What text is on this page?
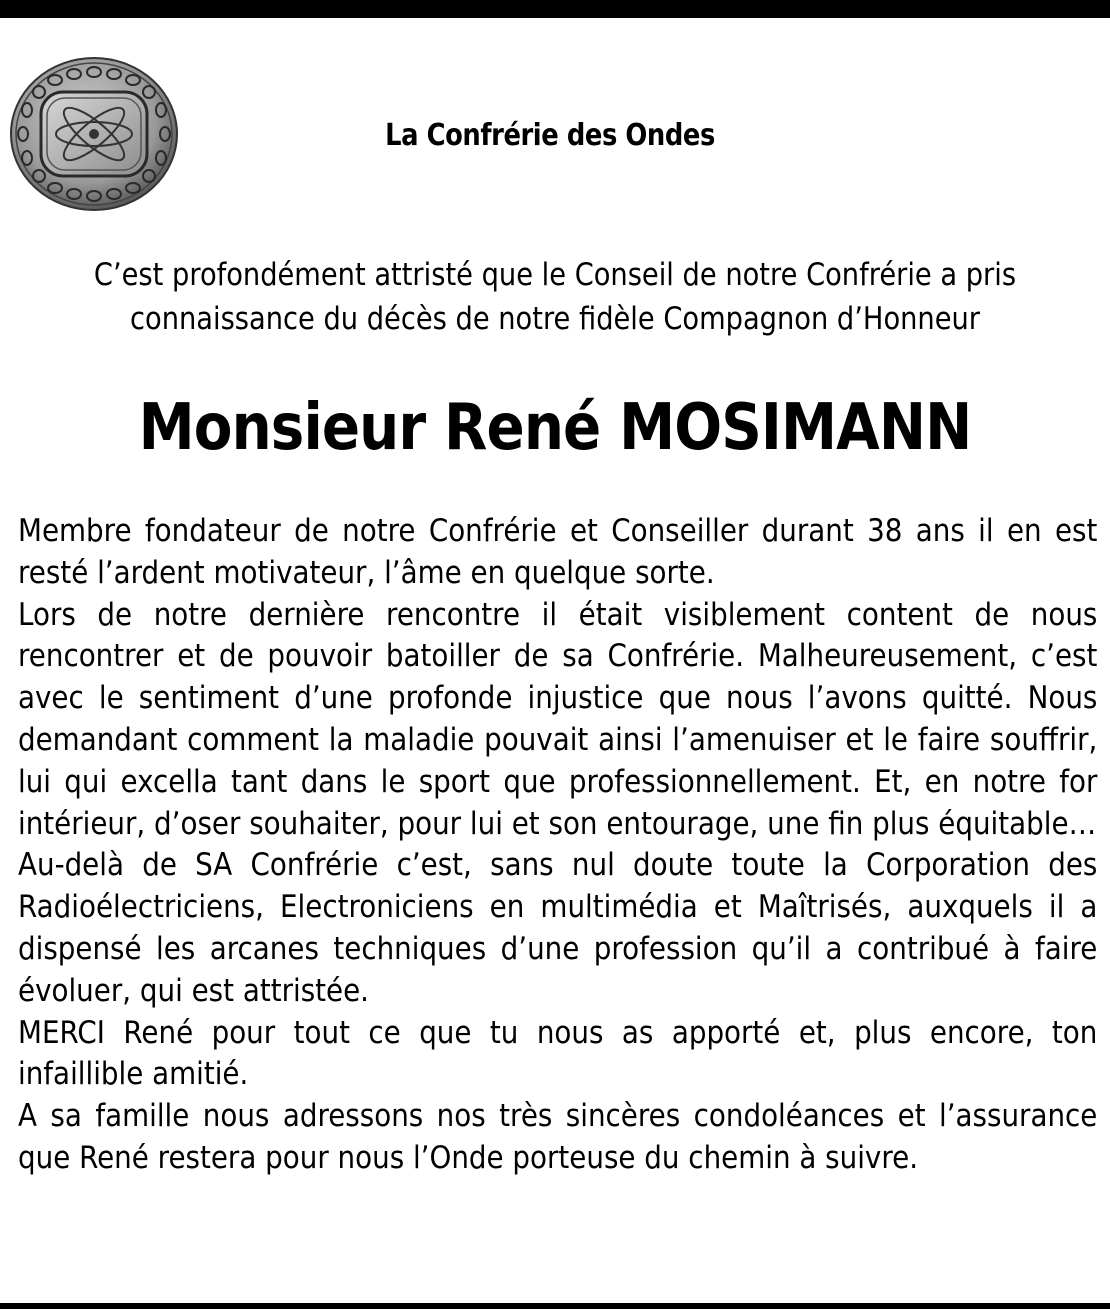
La Confrérie des Ondes
C’est profondément attristé que le Conseil de notre Confrérie a pris connaissance du décès de notre fidèle Compagnon d’Honneur
Monsieur René MOSIMANN

Membre fondateur de notre Confrérie et Conseiller durant 38 ans il en est resté l’ardent motivateur, l’âme en quelque sorte.

Lors de notre dernière rencontre il était visiblement content de nous rencontrer et de pouvoir batoiller de sa Confrérie. Malheureusement, c’est avec le sentiment d’une profonde injustice que nous l’avons quitté. Nous demandant comment la maladie pouvait ainsi l’amenuiser et le faire souffrir, lui qui excella tant dans le sport que professionnellement. Et, en notre for intérieur, d’oser souhaiter, pour lui et son entourage, une fin plus équitable…

Au-delà de SA Confrérie c’est, sans nul doute toute la Corporation des Radioélectriciens, Electroniciens en multimédia et Maîtrisés, auxquels il a dispensé les arcanes techniques d’une profession qu’il a contribué à faire évoluer, qui est attristée.

MERCI René pour tout ce que tu nous as apporté et, plus encore, ton infaillible amitié.

A sa famille nous adressons nos très sincères condoléances et l’assurance que René restera pour nous l’Onde porteuse du chemin à suivre.
